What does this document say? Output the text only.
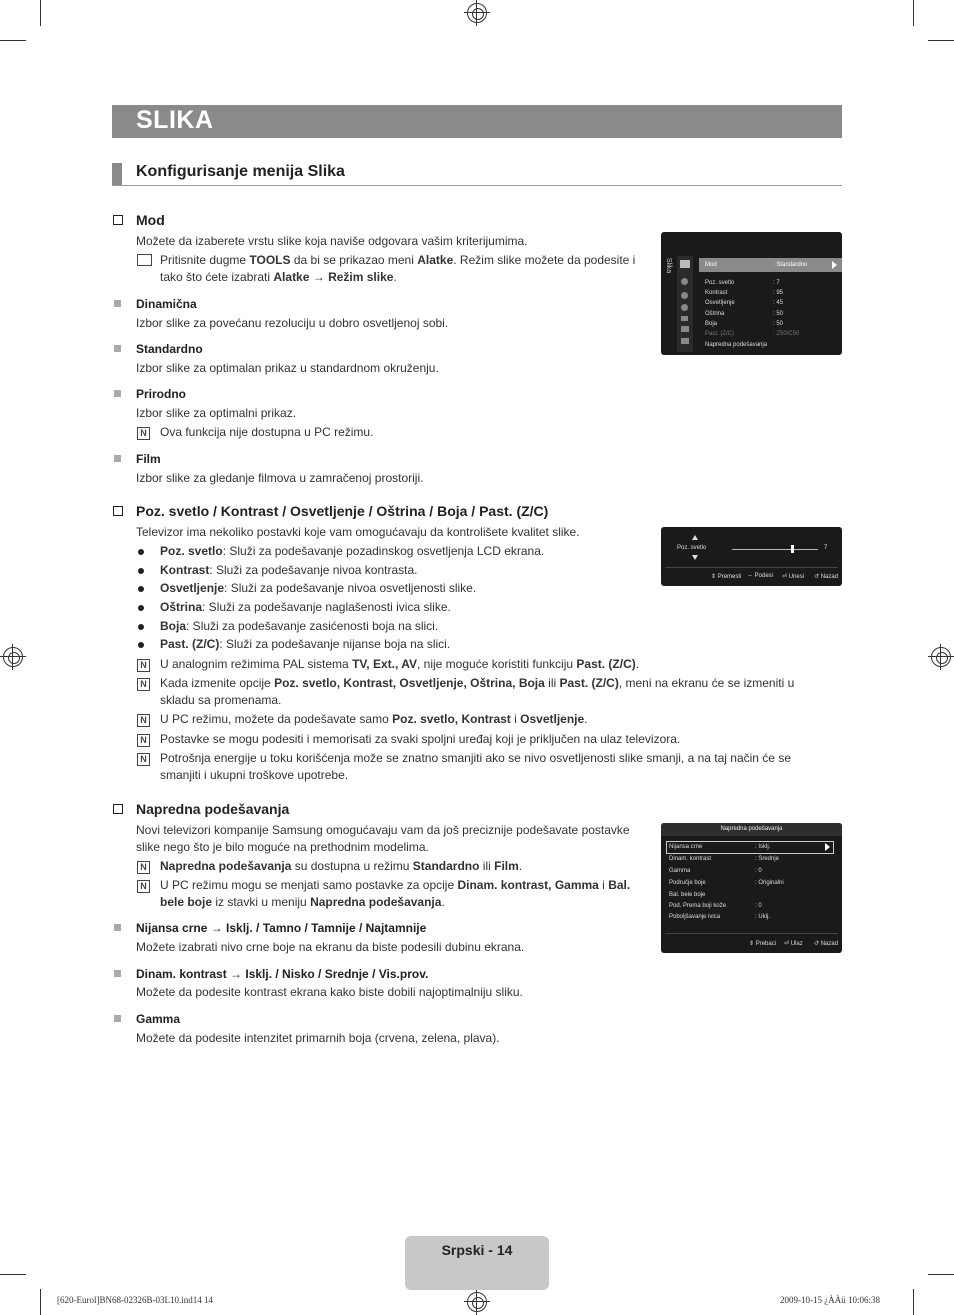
SLIKA
Konfigurisanje menija Slika
Mod
Možete da izaberete vrstu slike koja naviše odgovara vašim kriterijumima.
Pritisnite dugme TOOLS da bi se prikazao meni Alatke. Režim slike možete da podesite i
tako što ćete izabrati Alatke → Režim slike.
Dinamična
Izbor slike za povećanu rezoluciju u dobro osvetljenoj sobi.
Standardno
Izbor slike za optimalan prikaz u standardnom okruženju.
Prirodno
Izbor slike za optimalni prikaz.
N Ova funkcija nije dostupna u PC režimu.
Film
Izbor slike za gledanje filmova u zamračenoj prostoriji.
Slika	Mod	: Standardno
Poz. svetlo	: 7
Kontrast	: 95
Osvetljenje	: 45
Oštrina	: 50
Boja	: 50
Past. (Z/C)	: Z50/C50
Napredna podešavanja
Poz. svetlo / Kontrast / Osvetljenje / Oštrina / Boja / Past. (Z/C)
Televizor ima nekoliko postavki koje vam omogućavaju da kontrolišete kvalitet slike.
Poz. svetlo: Služi za podešavanje pozadinskog osvetljenja LCD ekrana.
Kontrast: Služi za podešavanje nivoa kontrasta.
Osvetljenje: Služi za podešavanje nivoa osvetljenosti slike.
Oštrina: Služi za podešavanje naglašenosti ivica slike.
Boja: Služi za podešavanje zasićenosti boja na slici.
Past. (Z/C): Služi za podešavanje nijanse boja na slici.
N U analognim režimima PAL sistema TV, Ext., AV, nije moguće koristiti funkciju Past. (Z/C).
N Kada izmenite opcije Poz. svetlo, Kontrast, Osvetljenje, Oštrina, Boja ili Past. (Z/C), meni na ekranu će se izmeniti u
skladu sa promenama.
N U PC režimu, možete da podešavate samo Poz. svetlo, Kontrast i Osvetljenje.
N Postavke se mogu podesiti i memorisati za svaki spoljni uređaj koji je priključen na ulaz televizora.
N Potrošnja energije u toku korišćenja može se znatno smanjiti ako se nivo osvetljenosti slike smanji, a na taj način će se
smanjiti i ukupni troškove upotrebe.
Poz. svetlo	7
⇕ Premesti ⇔ Podesi ⏎ Unesi ↺ Nazad
Napredna podešavanja
Novi televizori kompanije Samsung omogućavaju vam da još preciznije podešavate postavke
slike nego što je bilo moguće na prethodnim modelima.
N Napredna podešavanja su dostupna u režimu Standardno ili Film.
N U PC režimu mogu se menjati samo postavke za opcije Dinam. kontrast, Gamma i Bal.
bele boje iz stavki u meniju Napredna podešavanja.
Nijansa crne → Isklj. / Tamno / Tamnije / Najtamnije
Možete izabrati nivo crne boje na ekranu da biste podesili dubinu ekrana.
Dinam. kontrast → Isklj. / Nisko / Srednje / Vis.prov.
Možete da podesite kontrast ekrana kako biste dobili najoptimalniju sliku.
Gamma
Možete da podesite intenzitet primarnih boja (crvena, zelena, plava).
Napredna podešavanja
Nijansa crne	: Isklj.
Dinam. kontrast	: Srednje
Gamma	: 0
Područje boje	: Originalni
Bal. bele boje
Pod. Prema boji kože	: 0
Poboljšavanje ivica	: Uklj.
⇕ Prebaci ⏎ Ulaz ↺ Nazad
Srpski - 14
[620-Eurol]BN68-02326B-03L10.ind14 14	2009-10-15 ¿ÀÀü 10:06:38
